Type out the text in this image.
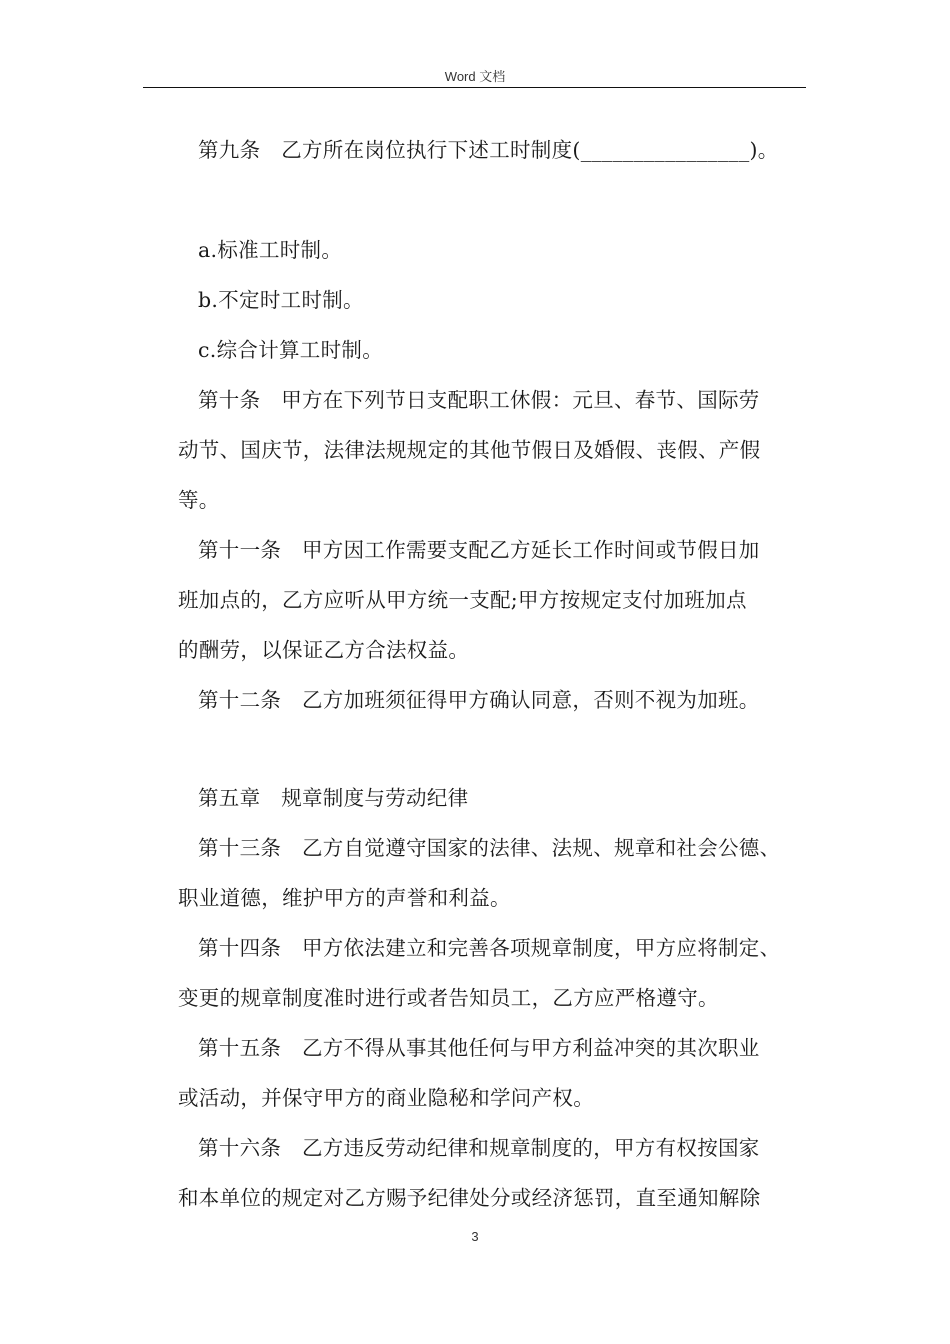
Word 文档
第九条　乙方所在岗位执行下述工时制度(________________)。
a.标准工时制。
b.不定时工时制。
c.综合计算工时制。
第十条　甲方在下列节日支配职工休假：元旦、春节、国际劳
动节、国庆节，法律法规规定的其他节假日及婚假、丧假、产假
等。
第十一条　甲方因工作需要支配乙方延长工作时间或节假日加
班加点的，乙方应听从甲方统一支配;甲方按规定支付加班加点
的酬劳，以保证乙方合法权益。
第十二条　乙方加班须征得甲方确认同意，否则不视为加班。
第五章　规章制度与劳动纪律
第十三条　乙方自觉遵守国家的法律、法规、规章和社会公德、
职业道德，维护甲方的声誉和利益。
第十四条　甲方依法建立和完善各项规章制度，甲方应将制定、
变更的规章制度准时进行或者告知员工，乙方应严格遵守。
第十五条　乙方不得从事其他任何与甲方利益冲突的其次职业
或活动，并保守甲方的商业隐秘和学问产权。
第十六条　乙方违反劳动纪律和规章制度的，甲方有权按国家
和本单位的规定对乙方赐予纪律处分或经济惩罚，直至通知解除
3
